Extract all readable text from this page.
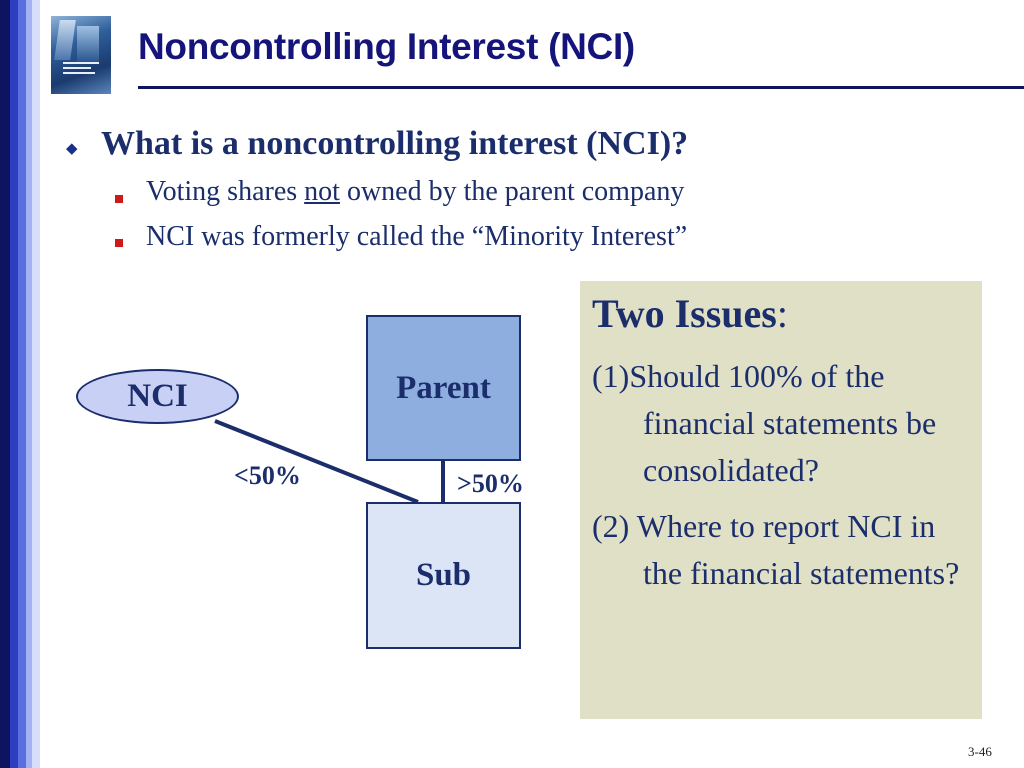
Noncontrolling Interest (NCI)
◆ What is a noncontrolling interest (NCI)?
Voting shares not owned by the parent company
NCI was formerly called the “Minority Interest”
NCI	Parent
Sub
<50%	>50%
Two Issues:
(1)Should 100% of the financial statements be consolidated?
(2) Where to report NCI in the financial statements?
3-46
